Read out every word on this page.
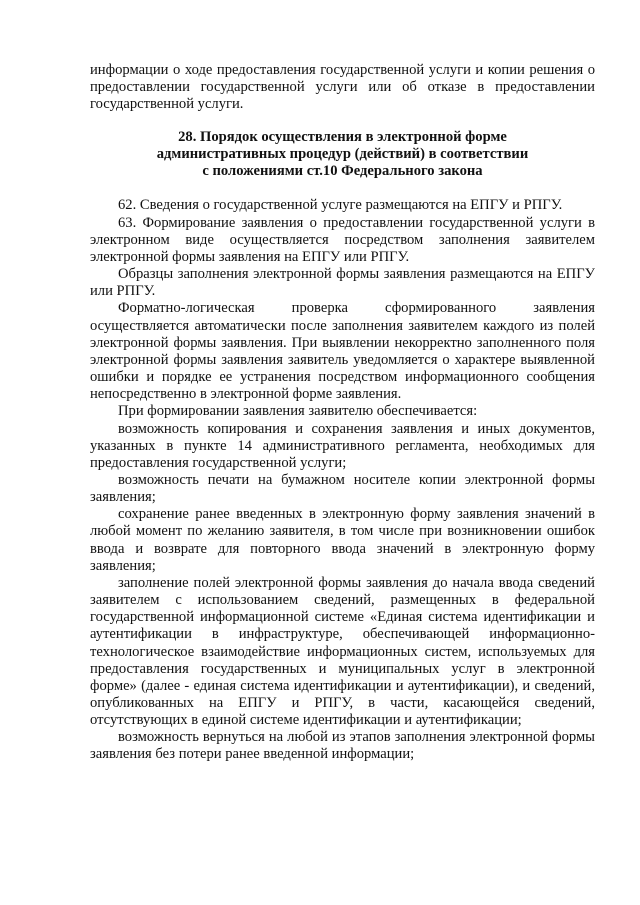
информации о ходе предоставления государственной услуги и копии решения о предоставлении государственной услуги или об отказе в предоставлении государственной услуги.

28. Порядок осуществления в электронной форме
административных процедур (действий) в соответствии
с положениями ст.10 Федерального закона

62. Сведения о государственной услуге размещаются на ЕПГУ и РПГУ.

63. Формирование заявления о предоставлении государственной услуги в электронном виде осуществляется посредством заполнения заявителем электронной формы заявления на ЕПГУ или РПГУ.

Образцы заполнения электронной формы заявления размещаются на ЕПГУ или РПГУ.

Форматно-логическая проверка сформированного заявления осуществляется автоматически после заполнения заявителем каждого из полей электронной формы заявления. При выявлении некорректно заполненного поля электронной формы заявления заявитель уведомляется о характере выявленной ошибки и порядке ее устранения посредством информационного сообщения непосредственно в электронной форме заявления.

При формировании заявления заявителю обеспечивается:

возможность копирования и сохранения заявления и иных документов, указанных в пункте 14 административного регламента, необходимых для предоставления государственной услуги;

возможность печати на бумажном носителе копии электронной формы заявления;

сохранение ранее введенных в электронную форму заявления значений в любой момент по желанию заявителя, в том числе при возникновении ошибок ввода и возврате для повторного ввода значений в электронную форму заявления;

заполнение полей электронной формы заявления до начала ввода сведений заявителем с использованием сведений, размещенных в федеральной государственной информационной системе «Единая система идентификации и аутентификации в инфраструктуре, обеспечивающей информационно-технологическое взаимодействие информационных систем, используемых для предоставления государственных и муниципальных услуг в электронной форме» (далее - единая система идентификации и аутентификации), и сведений, опубликованных на ЕПГУ и РПГУ, в части, касающейся сведений, отсутствующих в единой системе идентификации и аутентификации;

возможность вернуться на любой из этапов заполнения электронной формы заявления без потери ранее введенной информации;
